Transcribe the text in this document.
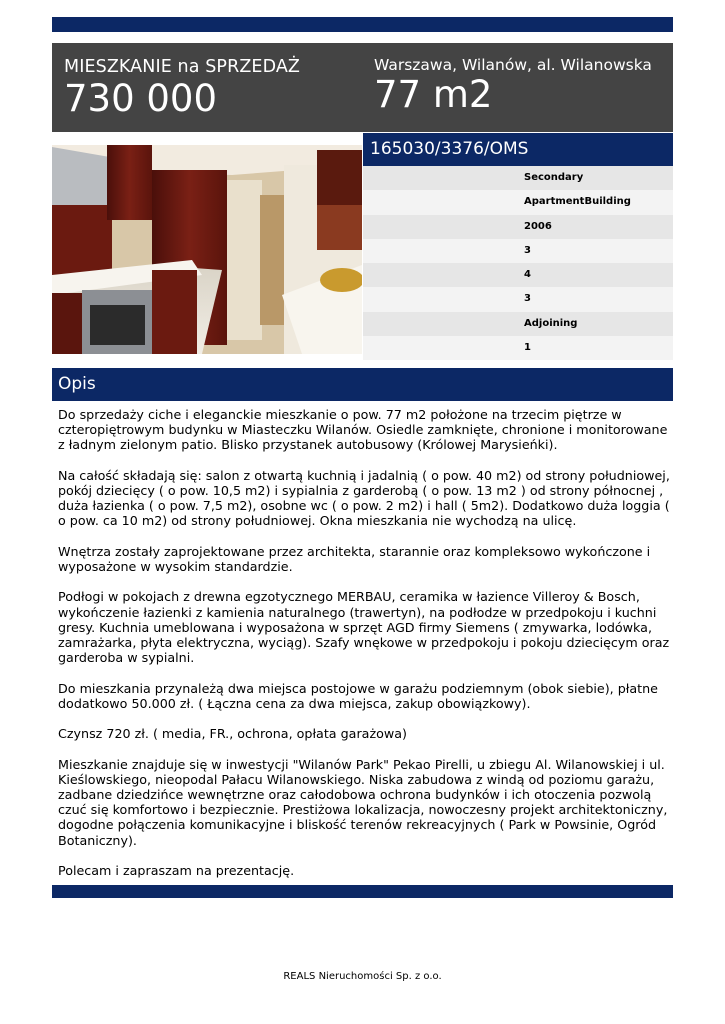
MIESZKANIE na SPRZEDAŻ
730 000
Warszawa, Wilanów, al. Wilanowska
77 m2
165030/3376/OMS
Secondary
ApartmentBuilding
2006
3
4
3
Adjoining
1
Opis

Do sprzedaży ciche i eleganckie mieszkanie o pow. 77 m2 położone na trzecim piętrze w czteropiętrowym budynku w Miasteczku Wilanów. Osiedle zamknięte, chronione i monitorowane z ładnym zielonym patio. Blisko przystanek autobusowy (Królowej Marysieńki).

Na całość składają się: salon z otwartą kuchnią i jadalnią ( o pow. 40 m2) od strony południowej, pokój dziecięcy ( o pow. 10,5 m2) i sypialnia z garderobą ( o pow. 13 m2 ) od strony północnej , duża łazienka ( o pow. 7,5 m2), osobne wc ( o pow. 2 m2) i hall ( 5m2). Dodatkowo duża loggia ( o pow. ca 10 m2) od strony południowej. Okna mieszkania nie wychodzą na ulicę.

Wnętrza zostały zaprojektowane przez architekta, starannie oraz kompleksowo wykończone i wyposażone w wysokim standardzie.

Podłogi w pokojach z drewna egzotycznego MERBAU, ceramika w łazience Villeroy & Bosch, wykończenie łazienki z kamienia naturalnego (trawertyn), na podłodze w przedpokoju i kuchni gresy. Kuchnia umeblowana i wyposażona w sprzęt AGD firmy Siemens ( zmywarka, lodówka, zamrażarka, płyta elektryczna, wyciąg). Szafy wnękowe w przedpokoju i pokoju dziecięcym oraz garderoba w sypialni.

Do mieszkania przynależą dwa miejsca postojowe w garażu podziemnym (obok siebie), płatne dodatkowo 50.000 zł. ( Łączna cena za dwa miejsca, zakup obowiązkowy).

Czynsz 720 zł. ( media, FR., ochrona, opłata garażowa)

Mieszkanie znajduje się w inwestycji "Wilanów Park" Pekao Pirelli, u zbiegu Al. Wilanowskiej i ul. Kieślowskiego, nieopodal Pałacu Wilanowskiego. Niska zabudowa z windą od poziomu garażu, zadbane dziedzińce wewnętrzne oraz całodobowa ochrona budynków i ich otoczenia pozwolą czuć się komfortowo i bezpiecznie. Prestiżowa lokalizacja, nowoczesny projekt architektoniczny, dogodne połączenia komunikacyjne i bliskość terenów rekreacyjnych ( Park w Powsinie, Ogród Botaniczny).

Polecam i zapraszam na prezentację.

REALS Nieruchomości Sp. z o.o.
